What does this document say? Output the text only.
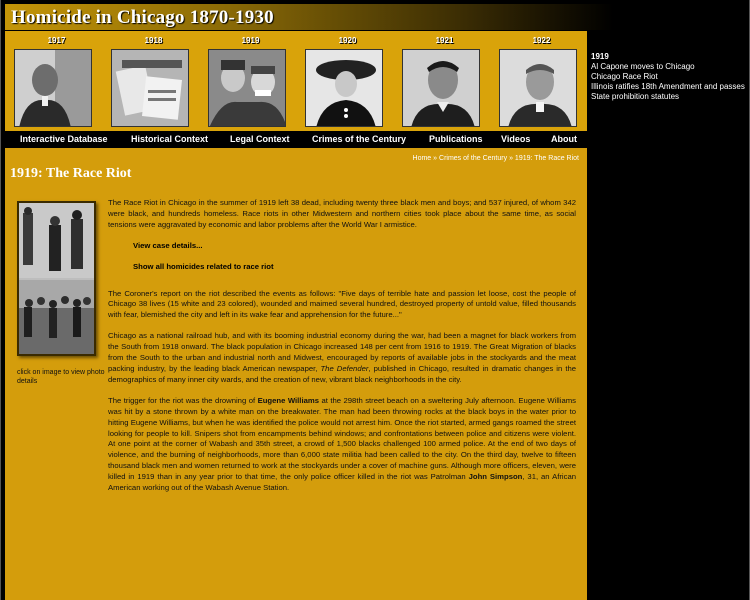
Homicide in Chicago 1870-1930
1917	1918	1919	1920	1921	1922
Interactive Database	Historical Context Legal Context Crimes of the Century	Publications Videos About
1919
Al Capone moves to Chicago
Chicago Race Riot
Illinois ratifies 18th Amendment and passes State prohibition statutes
Home » Crimes of the Century » 1919: The Race Riot
1919: The Race Riot
click on image to view photo details

The Race Riot in Chicago in the summer of 1919 left 38 dead, including twenty three black men and boys; and 537 injured, of whom 342 were black, and hundreds homeless. Race riots in other Midwestern and northern cities took place about the same time, as social tensions were aggravated by economic and labor problems after the World War I armistice.

View case details...
Show all homicides related to race riot

The Coroner's report on the riot described the events as follows: "Five days of terrible hate and passion let loose, cost the people of Chicago 38 lives (15 white and 23 colored), wounded and maimed several hundred, destroyed property of untold value, filled thousands with fear, blemished the city and left in its wake fear and apprehension for the future..."

Chicago as a national railroad hub, and with its booming industrial economy during the war, had been a magnet for black workers from the South from 1918 onward. The black population in Chicago increased 148 per cent from 1916 to 1919. The Great Migration of blacks from the South to the urban and industrial north and Midwest, encouraged by reports of available jobs in the stockyards and the meat packing industry, by the leading black American newspaper, The Defender, published in Chicago, resulted in dramatic changes in the demographics of many inner city wards, and the creation of new, vibrant black neighborhoods in the city.

The trigger for the riot was the drowning of Eugene Williams at the 298th street beach on a sweltering July afternoon. Eugene Williams was hit by a stone thrown by a white man on the breakwater. The man had been throwing rocks at the black boys in the water prior to hitting Eugene Williams, but when he was identified the police would not arrest him. Once the riot started, armed gangs roamed the street looking for people to kill. Snipers shot from encampments behind windows; and confrontations between police and citizens were violent. At one point at the corner of Wabash and 35th street, a crowd of 1,500 blacks challenged 100 armed police. At the end of two days of violence, and the burning of neighborhoods, more than 6,000 state militia had been called to the city. On the third day, twelve to fifteen thousand black men and women returned to work at the stockyards under a cover of machine guns. Although more officers, eleven, were killed in 1919 than in any year prior to that time, the only police officer killed in the riot was Patrolman John Simpson, 31, an African American working out of the Wabash Avenue Station.
